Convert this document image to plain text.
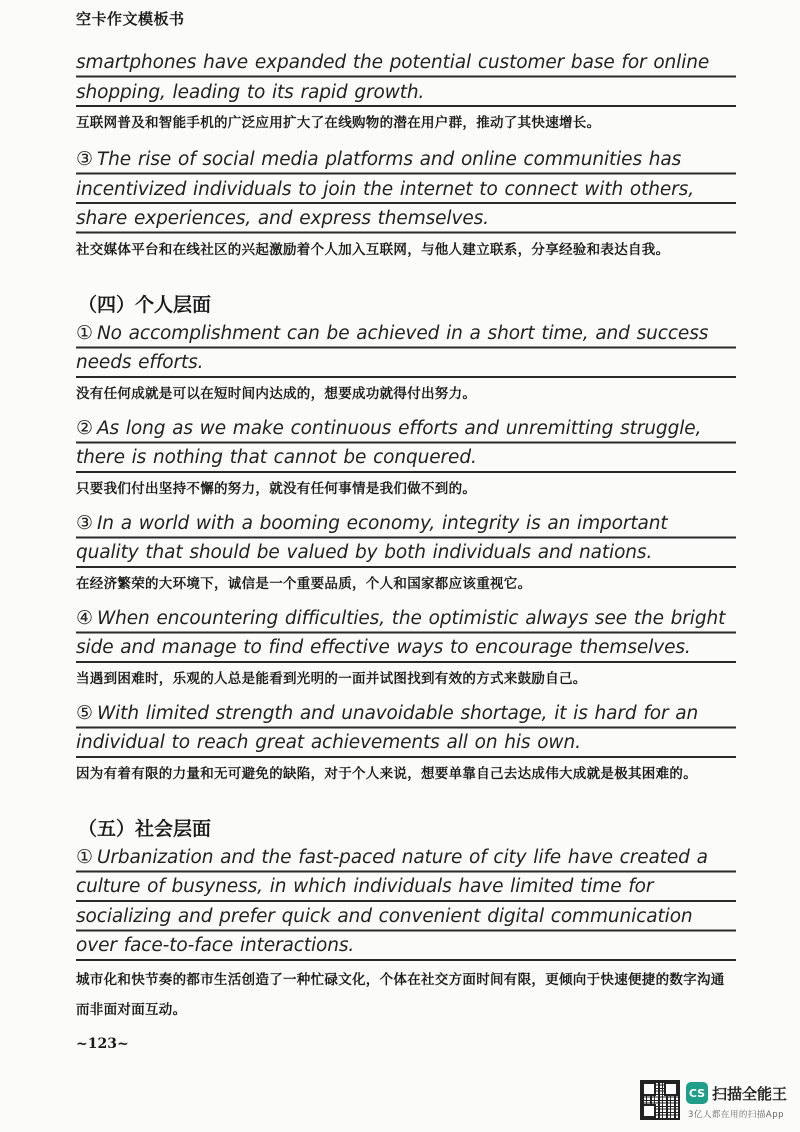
空卡作文模板书

smartphones have expanded the potential customer base for online shopping, leading to its rapid growth.

互联网普及和智能手机的广泛应用扩大了在线购物的潜在用户群，推动了其快速增长。

③ The rise of social media platforms and online communities has incentivized individuals to join the internet to connect with others, share experiences, and express themselves.

社交媒体平台和在线社区的兴起激励着个人加入互联网，与他人建立联系，分享经验和表达自我。

（四）个人层面

① No accomplishment can be achieved in a short time, and success needs efforts.

没有任何成就是可以在短时间内达成的，想要成功就得付出努力。

② As long as we make continuous efforts and unremitting struggle, there is nothing that cannot be conquered.

只要我们付出坚持不懈的努力，就没有任何事情是我们做不到的。

③ In a world with a booming economy, integrity is an important quality that should be valued by both individuals and nations.

在经济繁荣的大环境下，诚信是一个重要品质，个人和国家都应该重视它。

④ When encountering difficulties, the optimistic always see the bright side and manage to find effective ways to encourage themselves.

当遇到困难时，乐观的人总是能看到光明的一面并试图找到有效的方式来鼓励自己。

⑤ With limited strength and unavoidable shortage, it is hard for an individual to reach great achievements all on his own.

因为有着有限的力量和无可避免的缺陷，对于个人来说，想要单靠自己去达成伟大成就是极其困难的。

（五）社会层面

① Urbanization and the fast-paced nature of city life have created a culture of busyness, in which individuals have limited time for socializing and prefer quick and convenient digital communication over face-to-face interactions.

城市化和快节奏的都市生活创造了一种忙碌文化，个体在社交方面时间有限，更倾向于快速便捷的数字沟通而非面对面互动。

~123~
CS 扫描全能王
3亿人都在用的扫描App
